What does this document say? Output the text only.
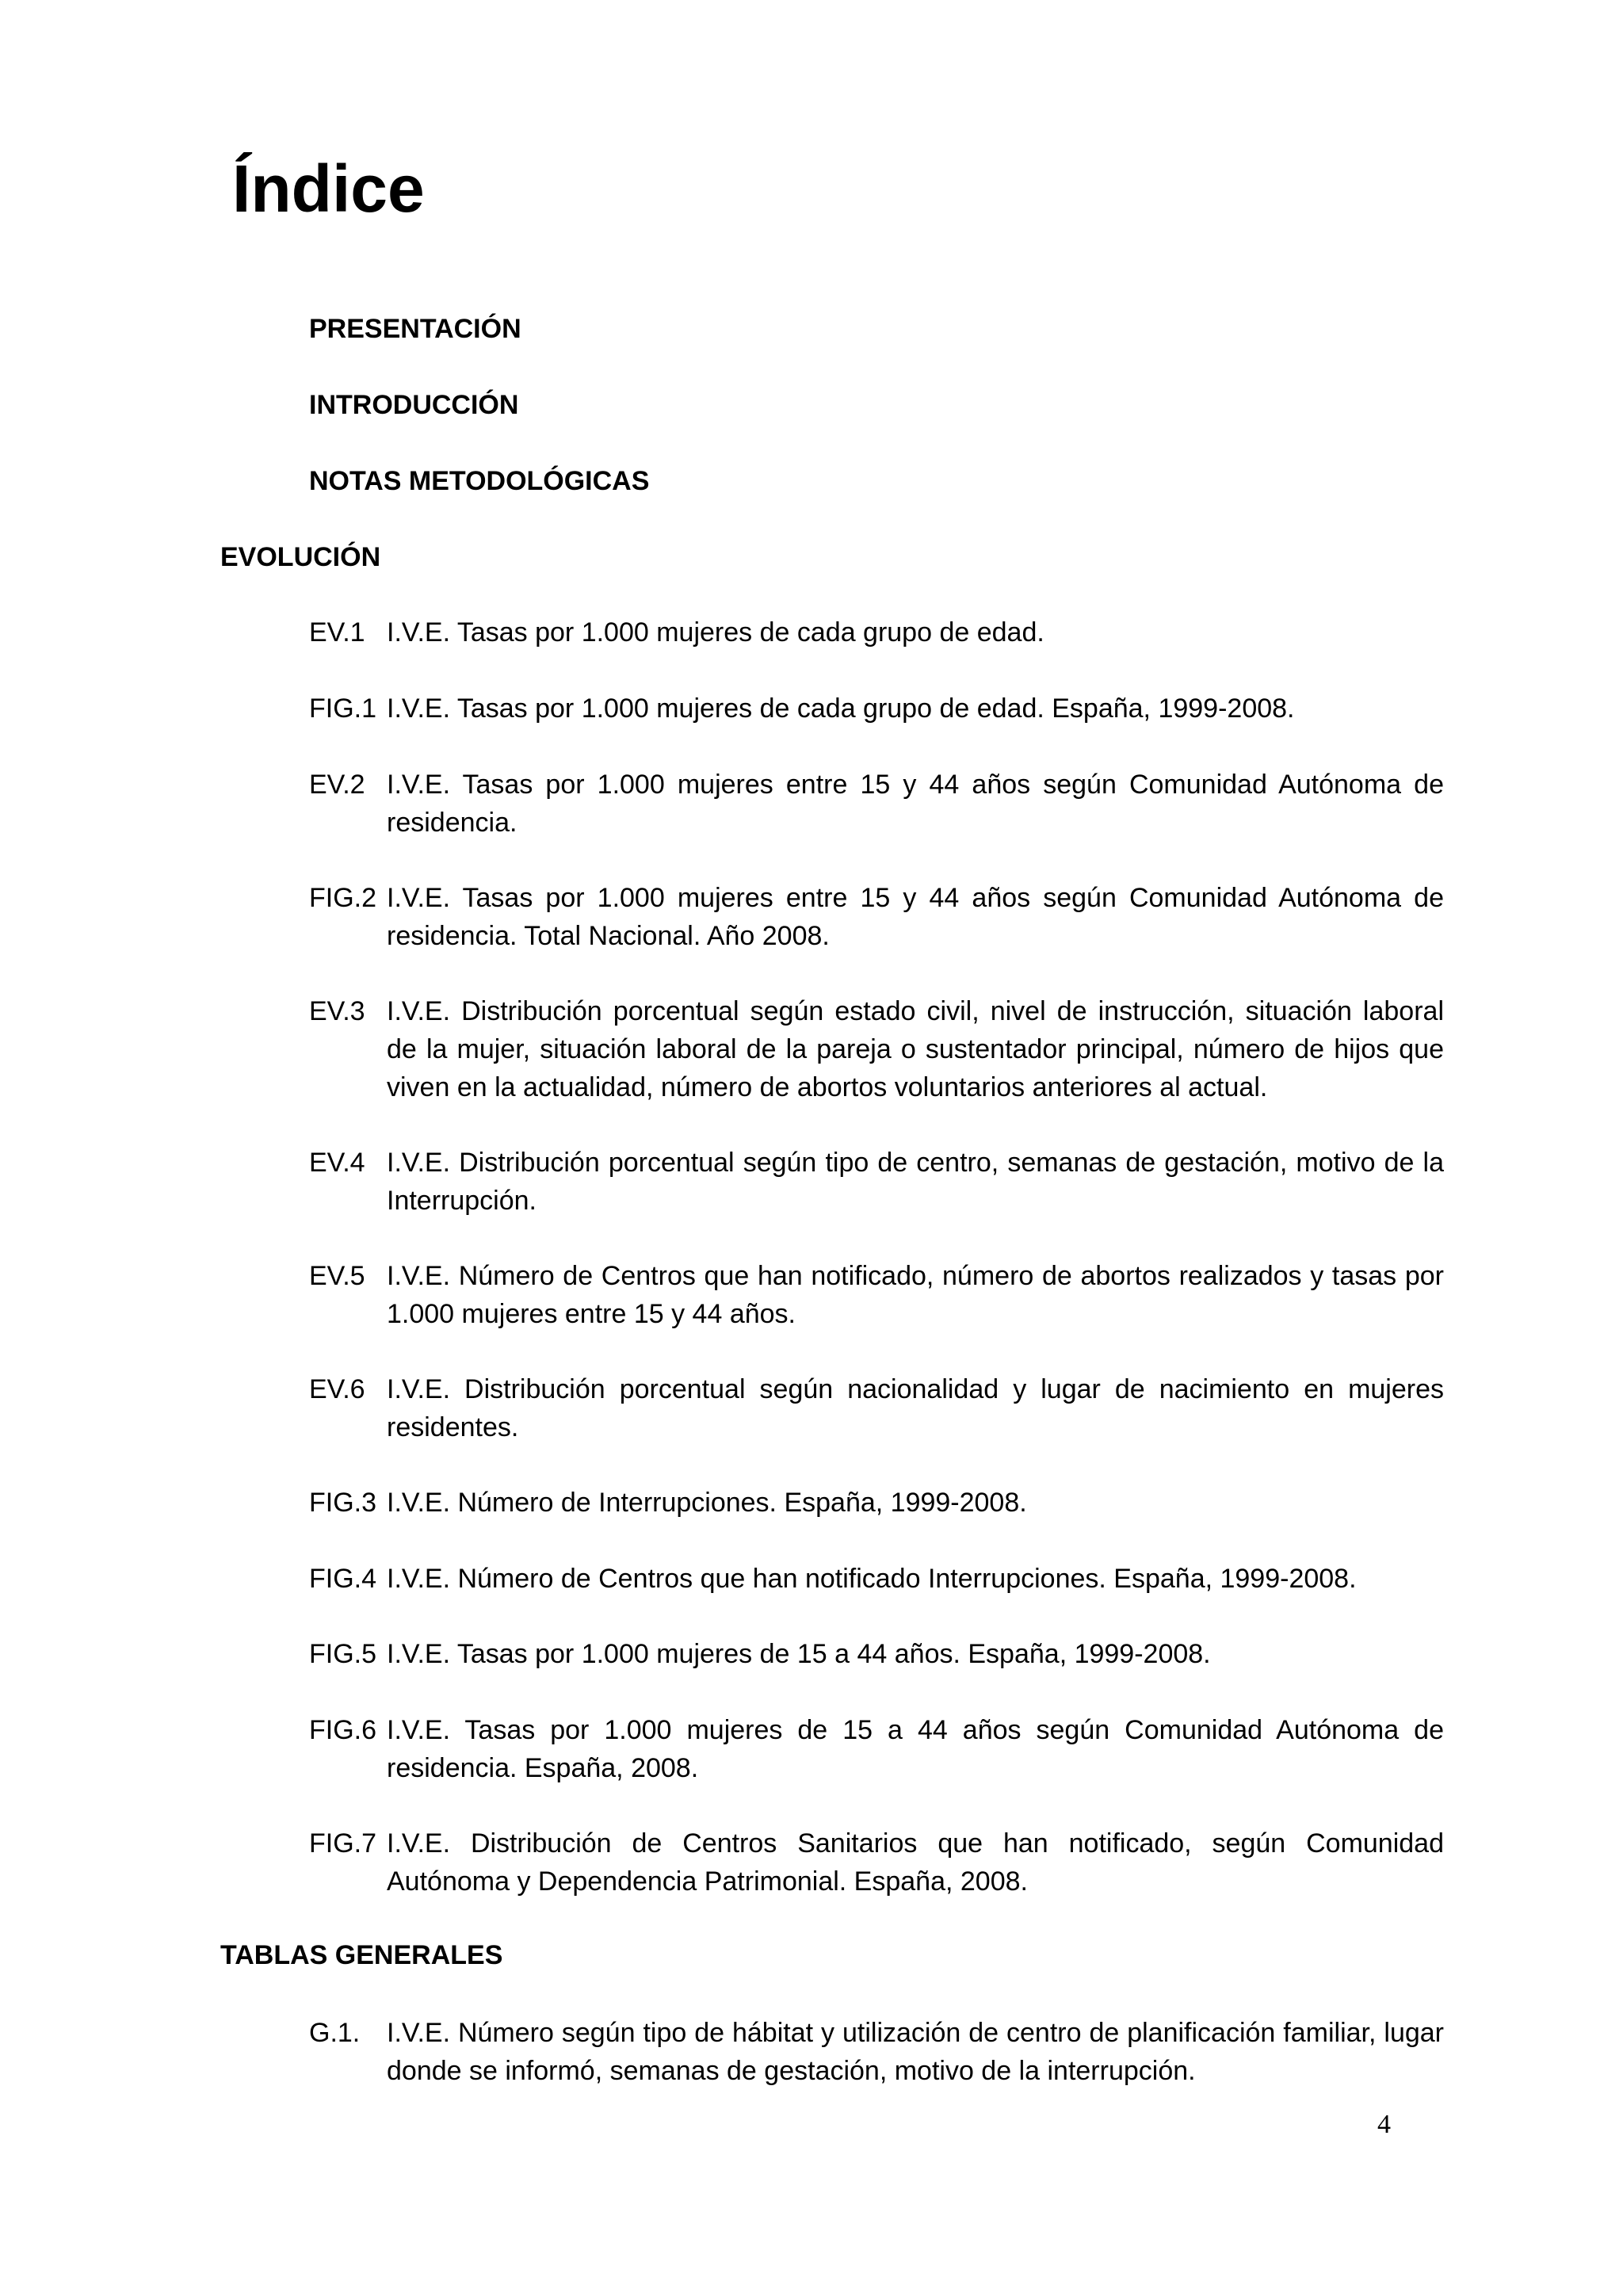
Índice
PRESENTACIÓN
INTRODUCCIÓN
NOTAS METODOLÓGICAS
EVOLUCIÓN
EV.1 I.V.E. Tasas por 1.000 mujeres de cada grupo de edad.
FIG.1 I.V.E. Tasas por 1.000 mujeres de cada grupo de edad. España, 1999-2008.
EV.2 I.V.E. Tasas por 1.000 mujeres entre 15 y 44 años según Comunidad Autónoma de residencia.
FIG.2 I.V.E. Tasas por 1.000 mujeres entre 15 y 44 años según Comunidad Autónoma de residencia. Total Nacional. Año 2008.
EV.3 I.V.E. Distribución porcentual según estado civil, nivel de instrucción, situación laboral de la mujer, situación laboral de la pareja o sustentador principal, número de hijos que viven en la actualidad, número de abortos voluntarios anteriores al actual.
EV.4 I.V.E. Distribución porcentual según tipo de centro, semanas de gestación, motivo de la Interrupción.
EV.5 I.V.E. Número de Centros que han notificado, número de abortos realizados y tasas por 1.000 mujeres entre 15 y 44 años.
EV.6 I.V.E. Distribución porcentual según nacionalidad y lugar de nacimiento en mujeres residentes.
FIG.3 I.V.E. Número de Interrupciones. España, 1999-2008.
FIG.4 I.V.E. Número de Centros que han notificado Interrupciones. España, 1999-2008.
FIG.5 I.V.E. Tasas por 1.000 mujeres de 15 a 44 años. España, 1999-2008.
FIG.6 I.V.E. Tasas por 1.000 mujeres de 15 a 44 años según Comunidad Autónoma de residencia. España, 2008.
FIG.7 I.V.E. Distribución de Centros Sanitarios que han notificado, según Comunidad Autónoma y Dependencia Patrimonial. España, 2008.
TABLAS GENERALES
G.1. I.V.E. Número según tipo de hábitat y utilización de centro de planificación familiar, lugar donde se informó, semanas de gestación, motivo de la interrupción.
4
